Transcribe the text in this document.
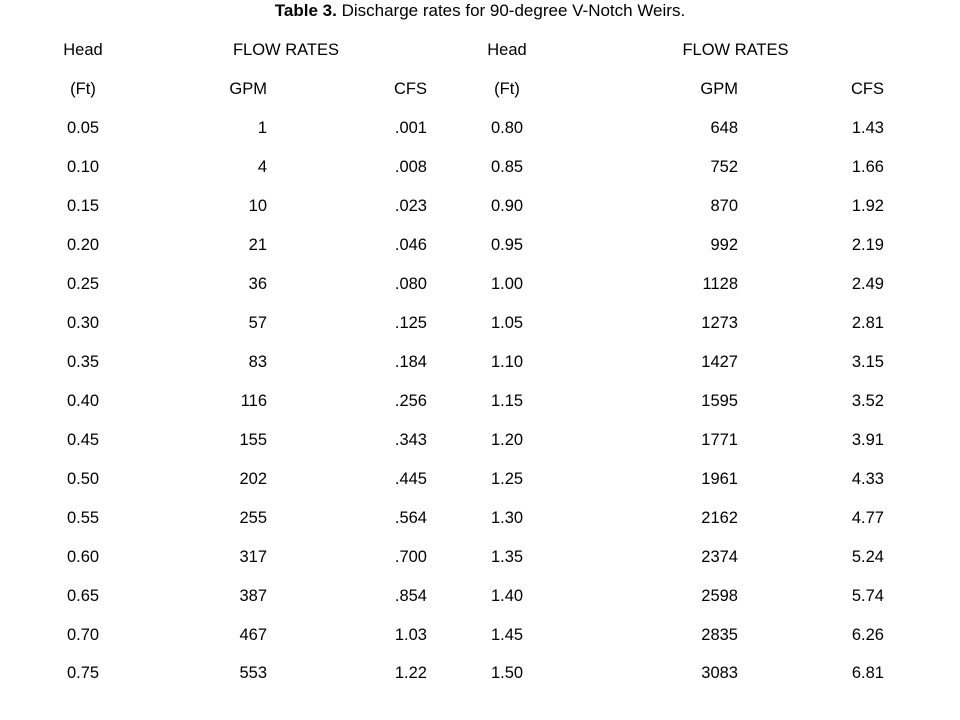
Table 3. Discharge rates for 90-degree V-Notch Weirs.
Head	FLOW RATES		Head	FLOW RATES	
(Ft)	GPM	CFS	(Ft)	GPM	CFS
0.05	1	.001	0.80	648	1.43
0.10	4	.008	0.85	752	1.66
0.15	10	.023	0.90	870	1.92
0.20	21	.046	0.95	992	2.19
0.25	36	.080	1.00	1128	2.49
0.30	57	.125	1.05	1273	2.81
0.35	83	.184	1.10	1427	3.15
0.40	116	.256	1.15	1595	3.52
0.45	155	.343	1.20	1771	3.91
0.50	202	.445	1.25	1961	4.33
0.55	255	.564	1.30	2162	4.77
0.60	317	.700	1.35	2374	5.24
0.65	387	.854	1.40	2598	5.74
0.70	467	1.03	1.45	2835	6.26
0.75	553	1.22	1.50	3083	6.81
